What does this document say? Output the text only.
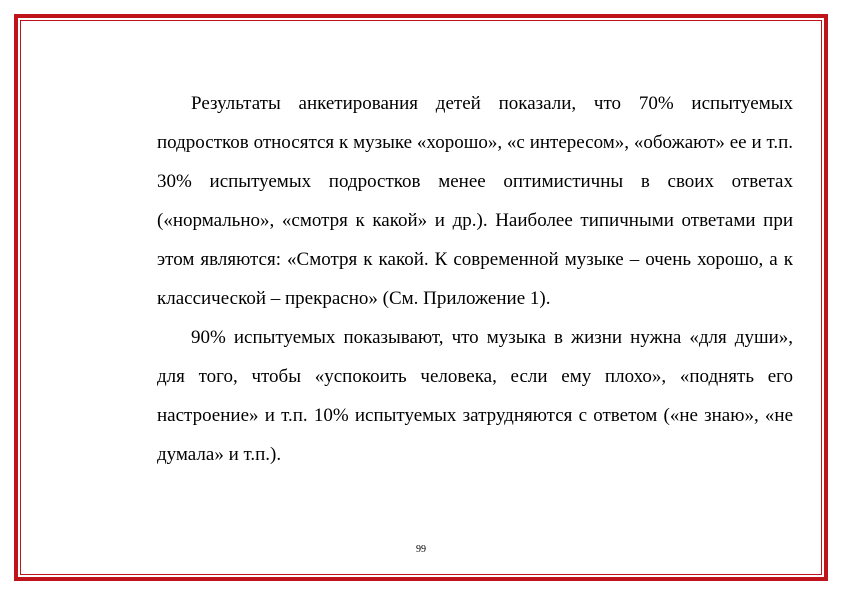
Результаты анкетирования детей показали, что 70% испытуемых подростков относятся к музыке «хорошо», «с интересом», «обожают» ее и т.п. 30% испытуемых подростков менее оптимистичны в своих ответах («нормально», «смотря к какой» и др.). Наиболее типичными ответами при этом являются: «Смотря к какой. К современной музыке – очень хорошо, а к классической – прекрасно» (См. Приложение 1).

90% испытуемых показывают, что музыка в жизни нужна «для души», для того, чтобы «успокоить человека, если ему плохо», «поднять его настроение» и т.п. 10% испытуемых затрудняются с ответом («не знаю», «не думала» и т.п.).

99
